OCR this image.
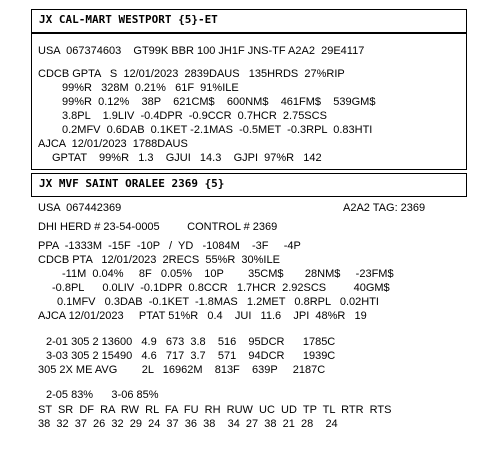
JX CAL-MART WESTPORT {5}-ET
USA  067374603    GT99K BBR 100 JH1F JNS-TF A2A2  29E4117
CDCB GPTA   S  12/01/2023  2839DAUS   135HRDS  27%RIP
99%R   328M  0.21%   61F  91%ILE
99%R  0.12%    38P    621CM$    600NM$    461FM$    539GM$
3.8PL    1.9LIV  -0.4DPR  -0.9CCR  0.7HCR  2.75SCS
0.2MFV  0.6DAB  0.1KET -2.1MAS  -0.5MET  -0.3RPL  0.83HTI
AJCA  12/01/2023  1788DAUS
GPTAT    99%R   1.3    GJUI   14.3    GJPI  97%R   142
JX MVF SAINT ORALEE 2369 {5}
USA  067442369	A2A2 TAG: 2369
DHI HERD # 23-54-0005         CONTROL # 2369
PPA  -1333M  -15F  -10P   /  YD   -1084M    -3F     -4P
CDCB PTA   12/01/2023  2RECS  55%R  30%ILE
-11M  0.04%     8F   0.05%    10P        35CM$       28NM$     -23FM$
-0.8PL      0.0LIV  -0.1DPR  0.8CCR   1.7HCR  2.92SCS         40GM$
0.1MFV   0.3DAB  -0.1KET  -1.8MAS   1.2MET   0.8RPL   0.02HTI
AJCA 12/01/2023     PTAT 51%R   0.4    JUI   11.6    JPI  48%R   19
2-01 305 2 13600   4.9   673  3.8    516    95DCR      1785C
3-03 305 2 15490   4.6   717  3.7    571    94DCR      1939C
305 2X ME AVG        2L   16962M    813F    639P     2187C
2-05 83%      3-06 85%
ST  SR  DF  RA  RW  RL  FA  FU  RH  RUW  UC  UD  TP  TL  RTR  RTS
38  32  37  26  32  29  24  37  36  38    34  27  38  21  28    24
